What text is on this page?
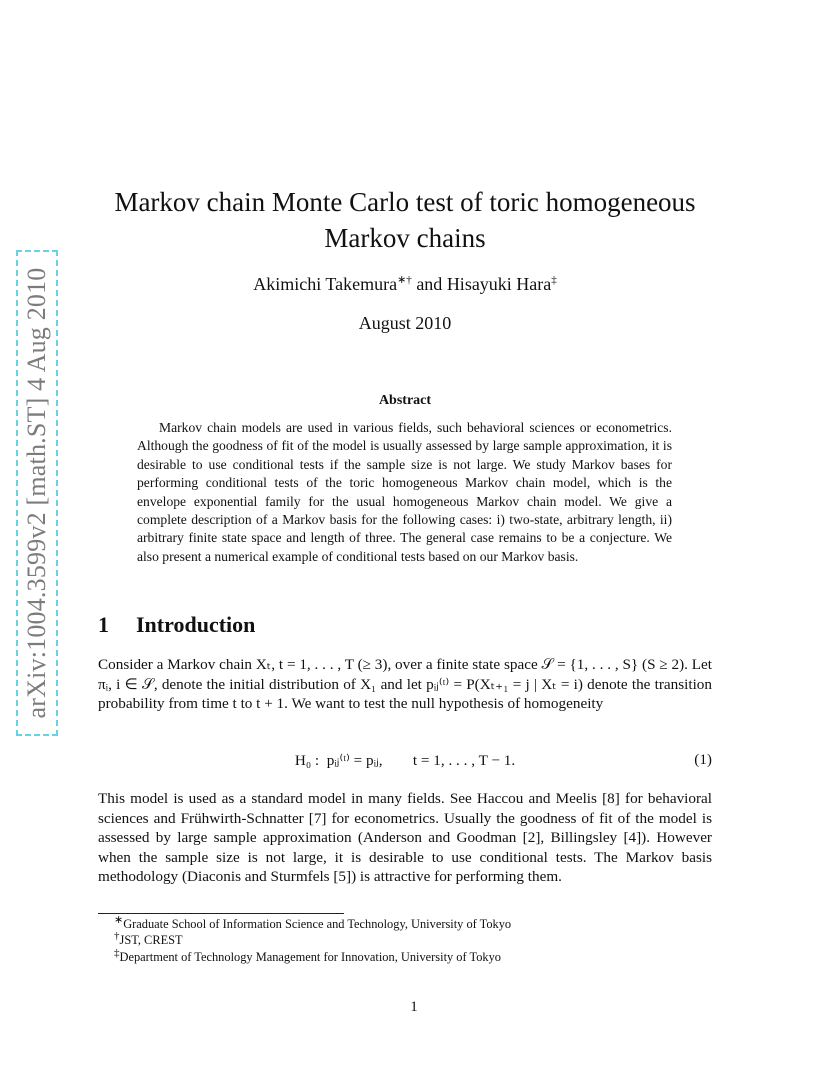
arXiv:1004.3599v2 [math.ST] 4 Aug 2010
Markov chain Monte Carlo test of toric homogeneous
Markov chains
Akimichi Takemura∗† and Hisayuki Hara‡
August 2010
Abstract

Markov chain models are used in various fields, such behavioral sciences or econometrics. Although the goodness of fit of the model is usually assessed by large sample approximation, it is desirable to use conditional tests if the sample size is not large. We study Markov bases for performing conditional tests of the toric homogeneous Markov chain model, which is the envelope exponential family for the usual homogeneous Markov chain model. We give a complete description of a Markov basis for the following cases: i) two-state, arbitrary length, ii) arbitrary finite state space and length of three. The general case remains to be a conjecture. We also present a numerical example of conditional tests based on our Markov basis.

1 Introduction

Consider a Markov chain Xₜ, t = 1, . . . , T (≥ 3), over a finite state space 𝒮 = {1, . . . , S} (S ≥ 2). Let πᵢ, i ∈ 𝒮, denote the initial distribution of X₁ and let pᵢⱼ⁽ᵗ⁾ = P(Xₜ₊₁ = j | Xₜ = i) denote the transition probability from time t to t + 1. We want to test the null hypothesis of homogeneity

H₀ :  pᵢⱼ⁽ᵗ⁾ = pᵢⱼ,        t = 1, . . . , T − 1.	(1)

This model is used as a standard model in many fields. See Haccou and Meelis [8] for behavioral sciences and Frühwirth-Schnatter [7] for econometrics. Usually the goodness of fit of the model is assessed by large sample approximation (Anderson and Goodman [2], Billingsley [4]). However when the sample size is not large, it is desirable to use conditional tests. The Markov basis methodology (Diaconis and Sturmfels [5]) is attractive for performing them.

∗Graduate School of Information Science and Technology, University of Tokyo
†JST, CREST
‡Department of Technology Management for Innovation, University of Tokyo
1
